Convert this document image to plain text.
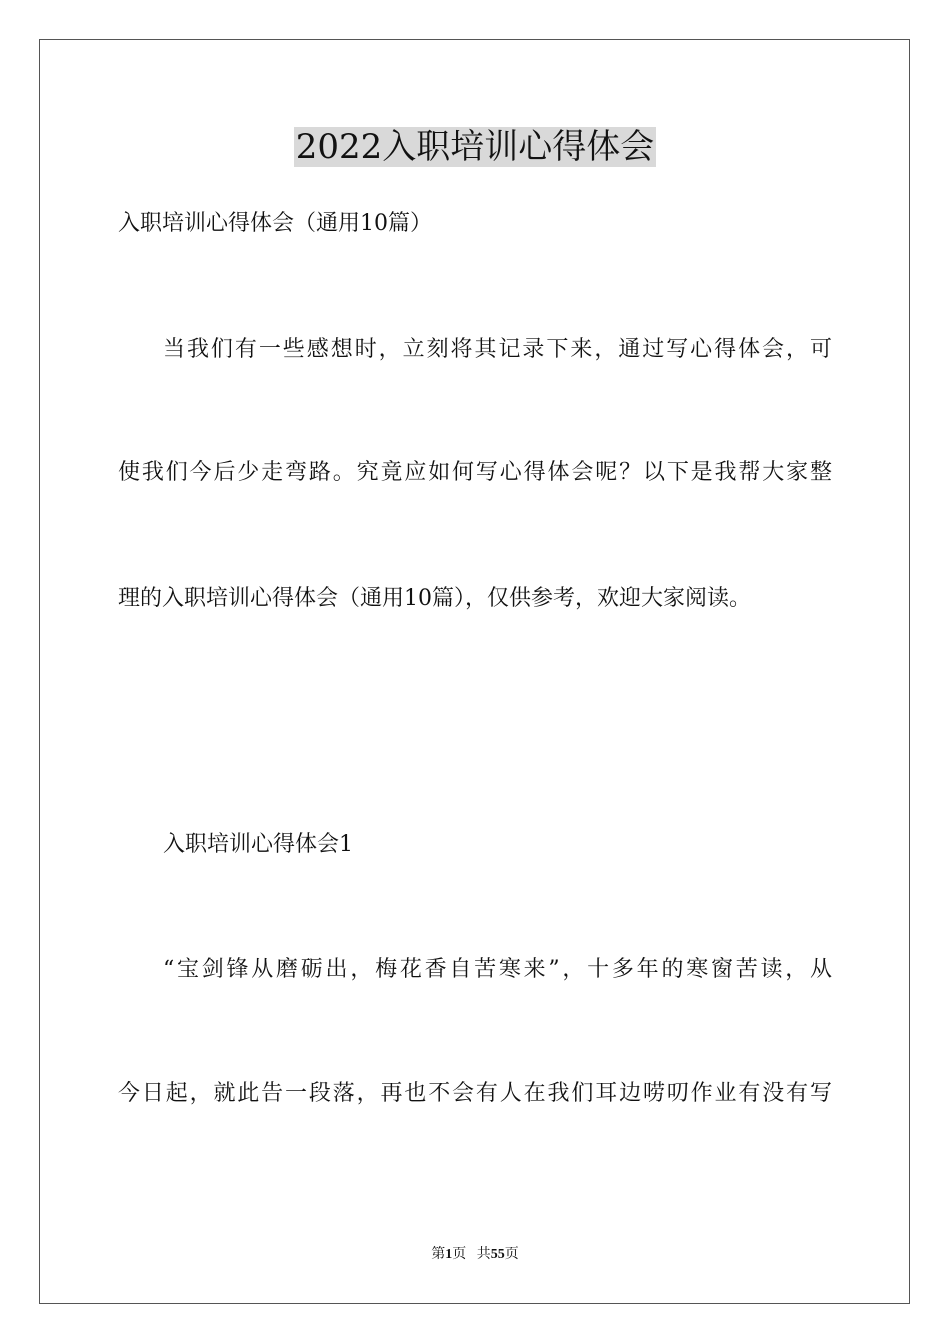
2022入职培训心得体会

入职培训心得体会（通用10篇）

当我们有一些感想时，立刻将其记录下来，通过写心得体会，可

使我们今后少走弯路。究竟应如何写心得体会呢？以下是我帮大家整

理的入职培训心得体会（通用10篇），仅供参考，欢迎大家阅读。

入职培训心得体会1

“宝剑锋从磨砺出，梅花香自苦寒来”，十多年的寒窗苦读，从

今日起，就此告一段落，再也不会有人在我们耳边唠叨作业有没有写

第1页 共55页
